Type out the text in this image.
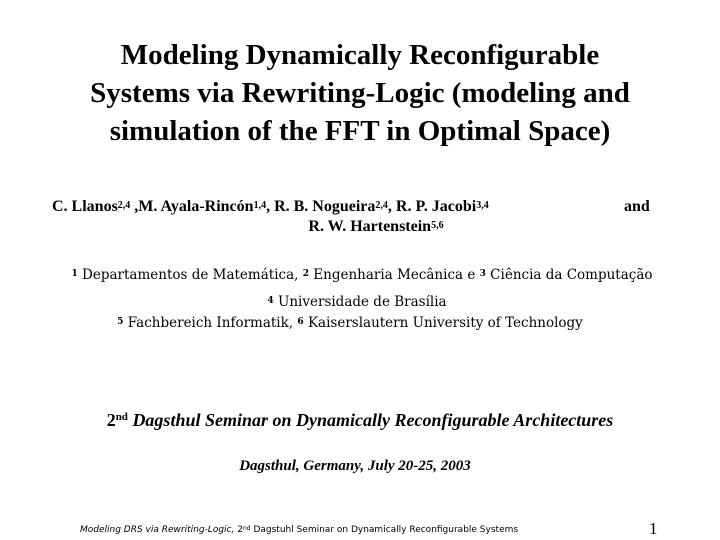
Modeling Dynamically Reconfigurable
Systems via Rewriting-Logic (modeling and
simulation of the FFT in Optimal Space)
C. Llanos$^{2,4}$ ,M. Ayala-Rincón$^{1,4}$, R. B. Nogueira$^{2,4}$, R. P. Jacobi$^{3,4}$	and
R. W. Hartenstein$^{5,6}$
$^1$ Departamentos de Matemática, $^2$ Engenharia Mecânica e $^3$ Ciência da Computação
$^4$ Universidade de Brasília
$^5$ Fachbereich Informatik, $^6$ Kaiserslautern University of Technology
2nd Dagsthul Seminar on Dynamically Reconfigurable Architectures
Dagsthul, Germany, July 20-25, 2003
Modeling DRS via Rewriting-Logic, 2nd Dagstuhl Seminar on Dynamically Reconfigurable Systems	1
